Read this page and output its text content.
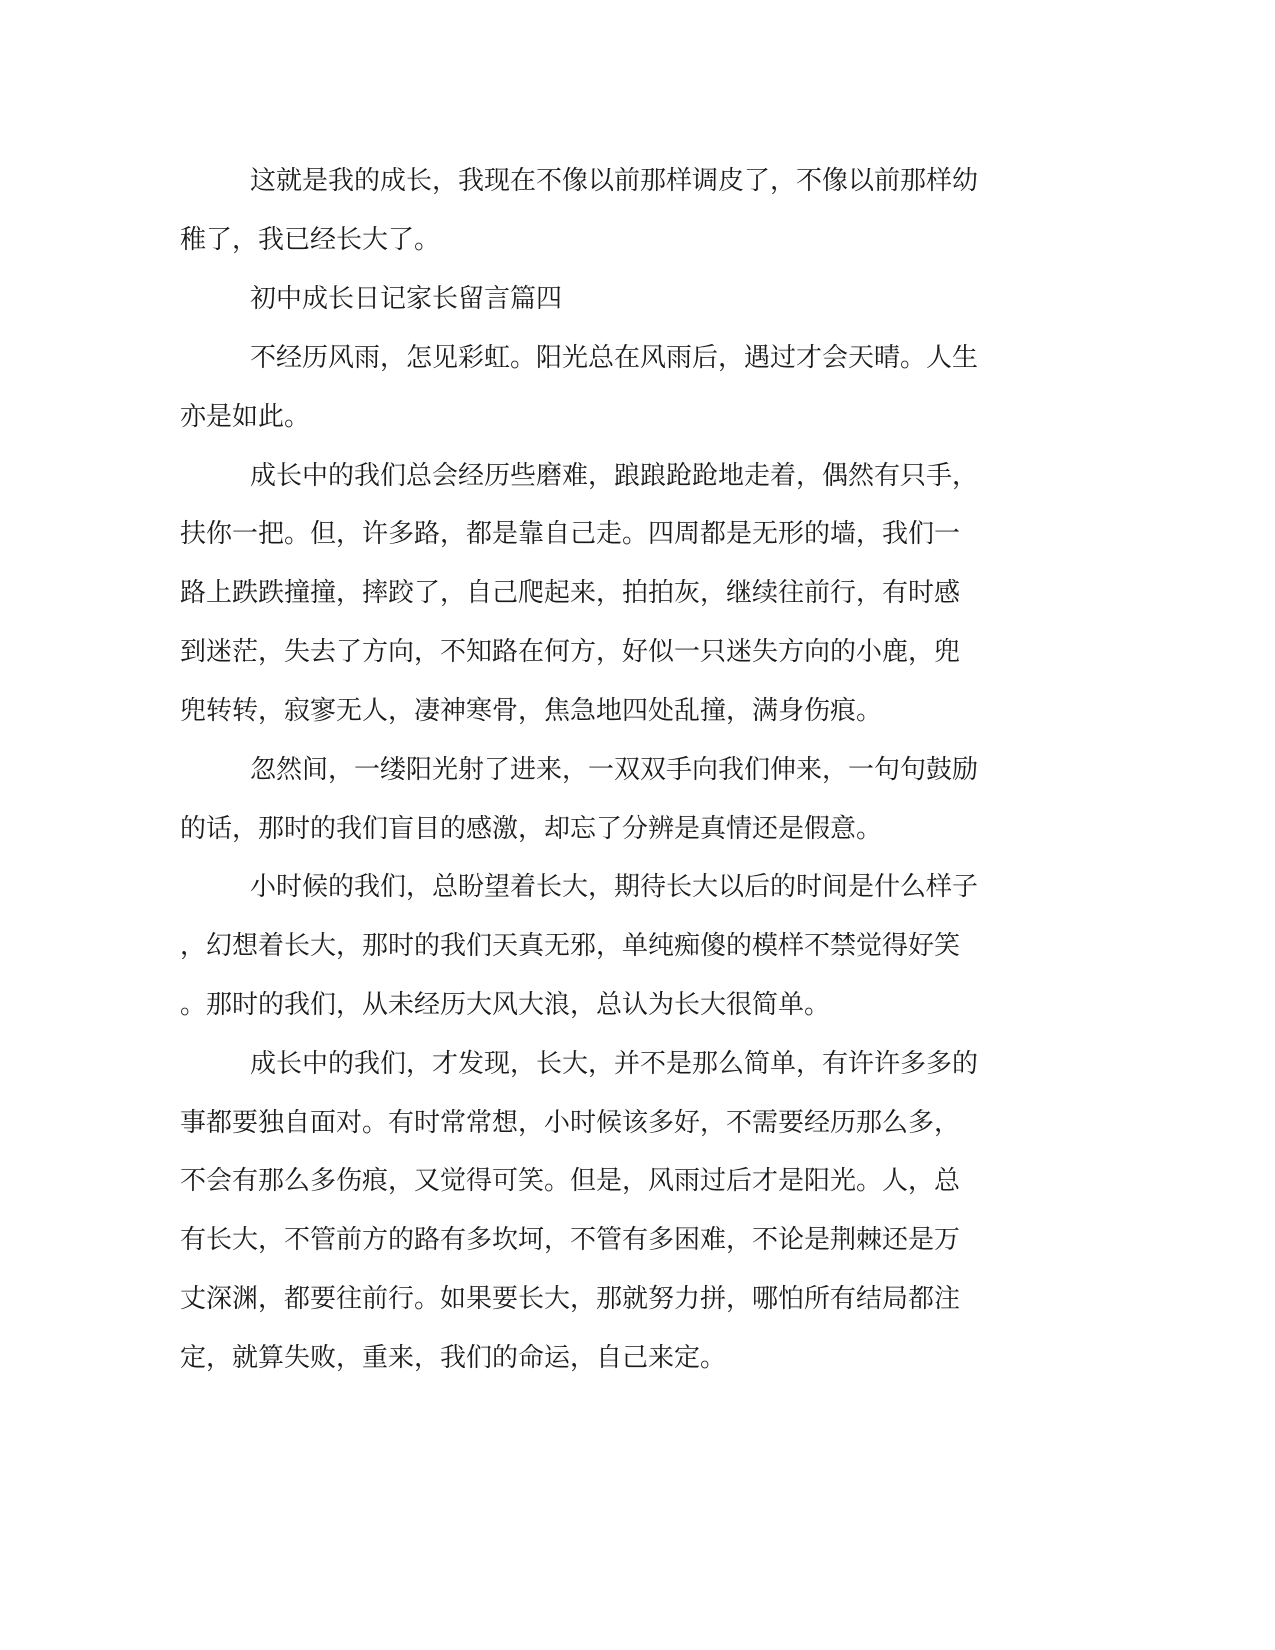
这就是我的成长，我现在不像以前那样调皮了，不像以前那样幼
稚了，我已经长大了。
初中成长日记家长留言篇四
不经历风雨，怎见彩虹。阳光总在风雨后，遇过才会天晴。人生
亦是如此。
成长中的我们总会经历些磨难，踉踉跄跄地走着，偶然有只手，
扶你一把。但，许多路，都是靠自己走。四周都是无形的墙，我们一
路上跌跌撞撞，摔跤了，自己爬起来，拍拍灰，继续往前行，有时感
到迷茫，失去了方向，不知路在何方，好似一只迷失方向的小鹿，兜
兜转转，寂寥无人，凄神寒骨，焦急地四处乱撞，满身伤痕。
忽然间，一缕阳光射了进来，一双双手向我们伸来，一句句鼓励
的话，那时的我们盲目的感激，却忘了分辨是真情还是假意。
小时候的我们，总盼望着长大，期待长大以后的时间是什么样子
，幻想着长大，那时的我们天真无邪，单纯痴傻的模样不禁觉得好笑
。那时的我们，从未经历大风大浪，总认为长大很简单。
成长中的我们，才发现，长大，并不是那么简单，有许许多多的
事都要独自面对。有时常常想，小时候该多好，不需要经历那么多，
不会有那么多伤痕，又觉得可笑。但是，风雨过后才是阳光。人，总
有长大，不管前方的路有多坎坷，不管有多困难，不论是荆棘还是万
丈深渊，都要往前行。如果要长大，那就努力拼，哪怕所有结局都注
定，就算失败，重来，我们的命运，自己来定。
